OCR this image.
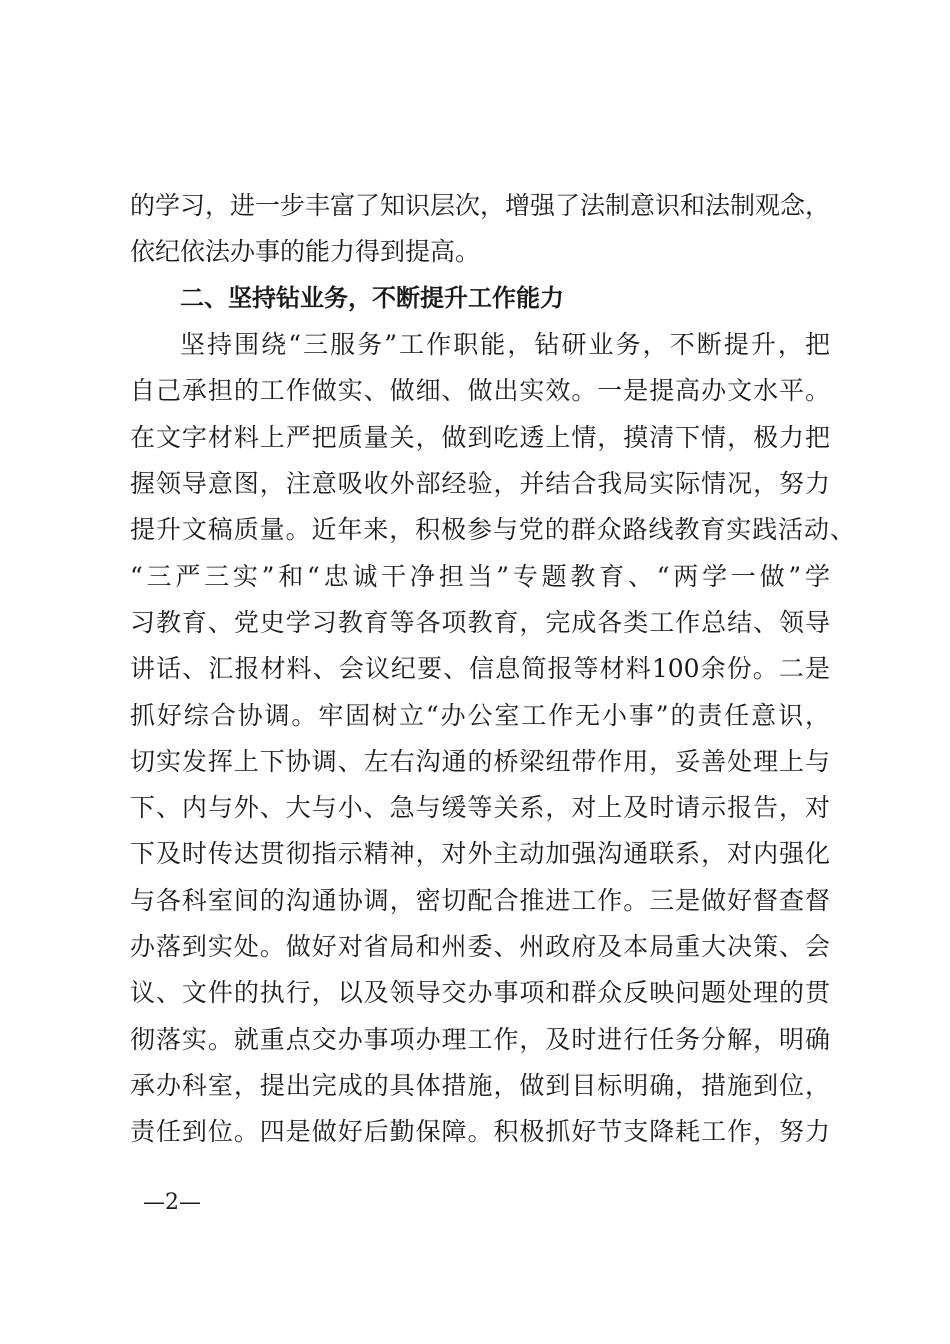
的学习，进一步丰富了知识层次，增强了法制意识和法制观念，
依纪依法办事的能力得到提高。
二、坚持钻业务，不断提升工作能力
坚持围绕“三服务”工作职能，钻研业务，不断提升，把
自己承担的工作做实、做细、做出实效。一是提高办文水平。
在文字材料上严把质量关，做到吃透上情，摸清下情，极力把
握领导意图，注意吸收外部经验，并结合我局实际情况，努力
提升文稿质量。近年来，积极参与党的群众路线教育实践活动、
“三严三实”和“忠诚干净担当”专题教育、“两学一做”学
习教育、党史学习教育等各项教育，完成各类工作总结、领导
讲话、汇报材料、会议纪要、信息简报等材料100余份。二是
抓好综合协调。牢固树立“办公室工作无小事”的责任意识，
切实发挥上下协调、左右沟通的桥梁纽带作用，妥善处理上与
下、内与外、大与小、急与缓等关系，对上及时请示报告，对
下及时传达贯彻指示精神，对外主动加强沟通联系，对内强化
与各科室间的沟通协调，密切配合推进工作。三是做好督查督
办落到实处。做好对省局和州委、州政府及本局重大决策、会
议、文件的执行，以及领导交办事项和群众反映问题处理的贯
彻落实。就重点交办事项办理工作，及时进行任务分解，明确
承办科室，提出完成的具体措施，做到目标明确，措施到位，
责任到位。四是做好后勤保障。积极抓好节支降耗工作，努力
—2—
